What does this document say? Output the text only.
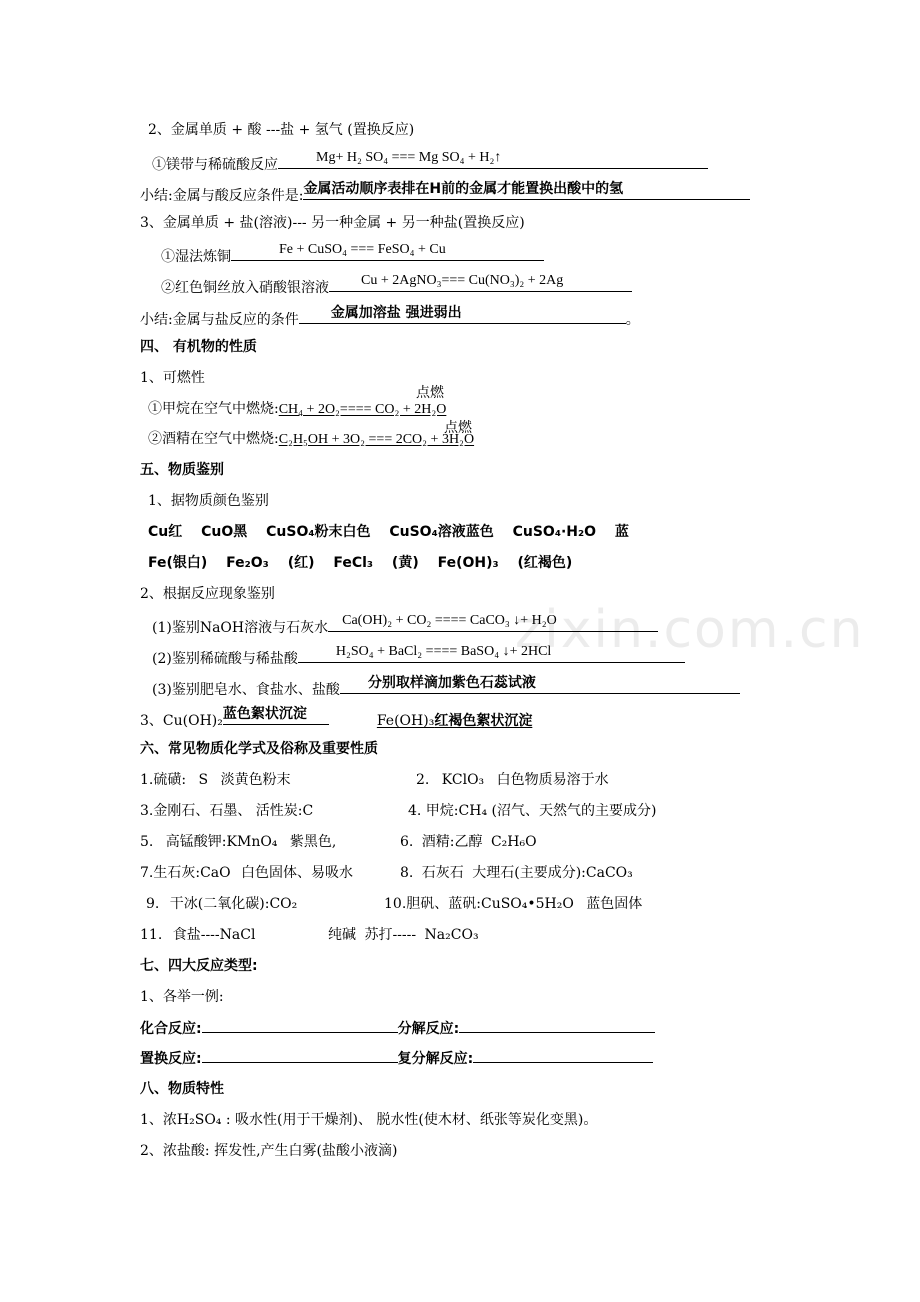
zixin.com.cn
2、金属单质 + 酸 ---盐 + 氢气 (置换反应)
①镁带与稀硫酸反应	Mg+ H₂ SO₄ === Mg SO₄ + H₂↑
小结:金属与酸反应条件是: 金属活动顺序表排在H前的金属才能置换出酸中的氢
3、金属单质 + 盐(溶液)--- 另一种金属 + 另一种盐(置换反应)
①湿法炼铜	Fe + CuSO₄ === FeSO₄ + Cu
②红色铜丝放入硝酸银溶液 Cu + 2AgNO₃=== Cu(NO₃)₂ + 2Ag
小结:金属与盐反应的条件 金属加溶盐 强进弱出	。
四、 有机物的性质
1、可燃性
点燃
①甲烷在空气中燃烧:CH₄ + 2O₂==== CO₂ + 2H₂O
点燃
②酒精在空气中燃烧:C₂H₅OH + 3O₂ === 2CO₂ + 3H₂O
五、物质鉴别
1、据物质颜色鉴别
Cu红 CuO黑 CuSO₄粉末白色 CuSO₄溶液蓝色 CuSO₄·H₂O 蓝
Fe(银白) Fe₂O₃ (红) FeCl₃ (黄) Fe(OH)₃ (红褐色)
2、根据反应现象鉴别
(1)鉴别NaOH溶液与石灰水 Ca(OH)₂ + CO₂ ==== CaCO₃ ↓+ H₂O
(2)鉴别稀硫酸与稀盐酸	H₂SO₄ + BaCl₂ ==== BaSO₄ ↓+ 2HCl
(3)鉴别肥皂水、食盐水、盐酸 分别取样滴加紫色石蕊试液
3、Cu(OH)₂ 蓝色絮状沉淀	Fe(OH)₃红褐色絮状沉淀
六、常见物质化学式及俗称及重要性质
1.硫磺: S 淡黄色粉末	2. KClO₃ 白色物质易溶于水
3.金刚石、石墨、 活性炭:C	4. 甲烷:CH₄ (沼气、天然气的主要成分)
5. 高锰酸钾:KMnO₄ 紫黑色,	6. 酒精:乙醇 C₂H₆O
7.生石灰:CaO 白色固体、易吸水	8. 石灰石 大理石(主要成分):CaCO₃
9. 干冰(二氧化碳):CO₂	10.胆矾、蓝矾:CuSO₄•5H₂O 蓝色固体
11. 食盐----NaCl	纯碱 苏打----- Na₂CO₃
七、四大反应类型:
1、各举一例:
化合反应:	分解反应:
置换反应:	复分解反应:
八、物质特性
1、浓H₂SO₄ : 吸水性(用于干燥剂)、 脱水性(使木材、纸张等炭化变黑)。
2、浓盐酸: 挥发性,产生白雾(盐酸小液滴)
